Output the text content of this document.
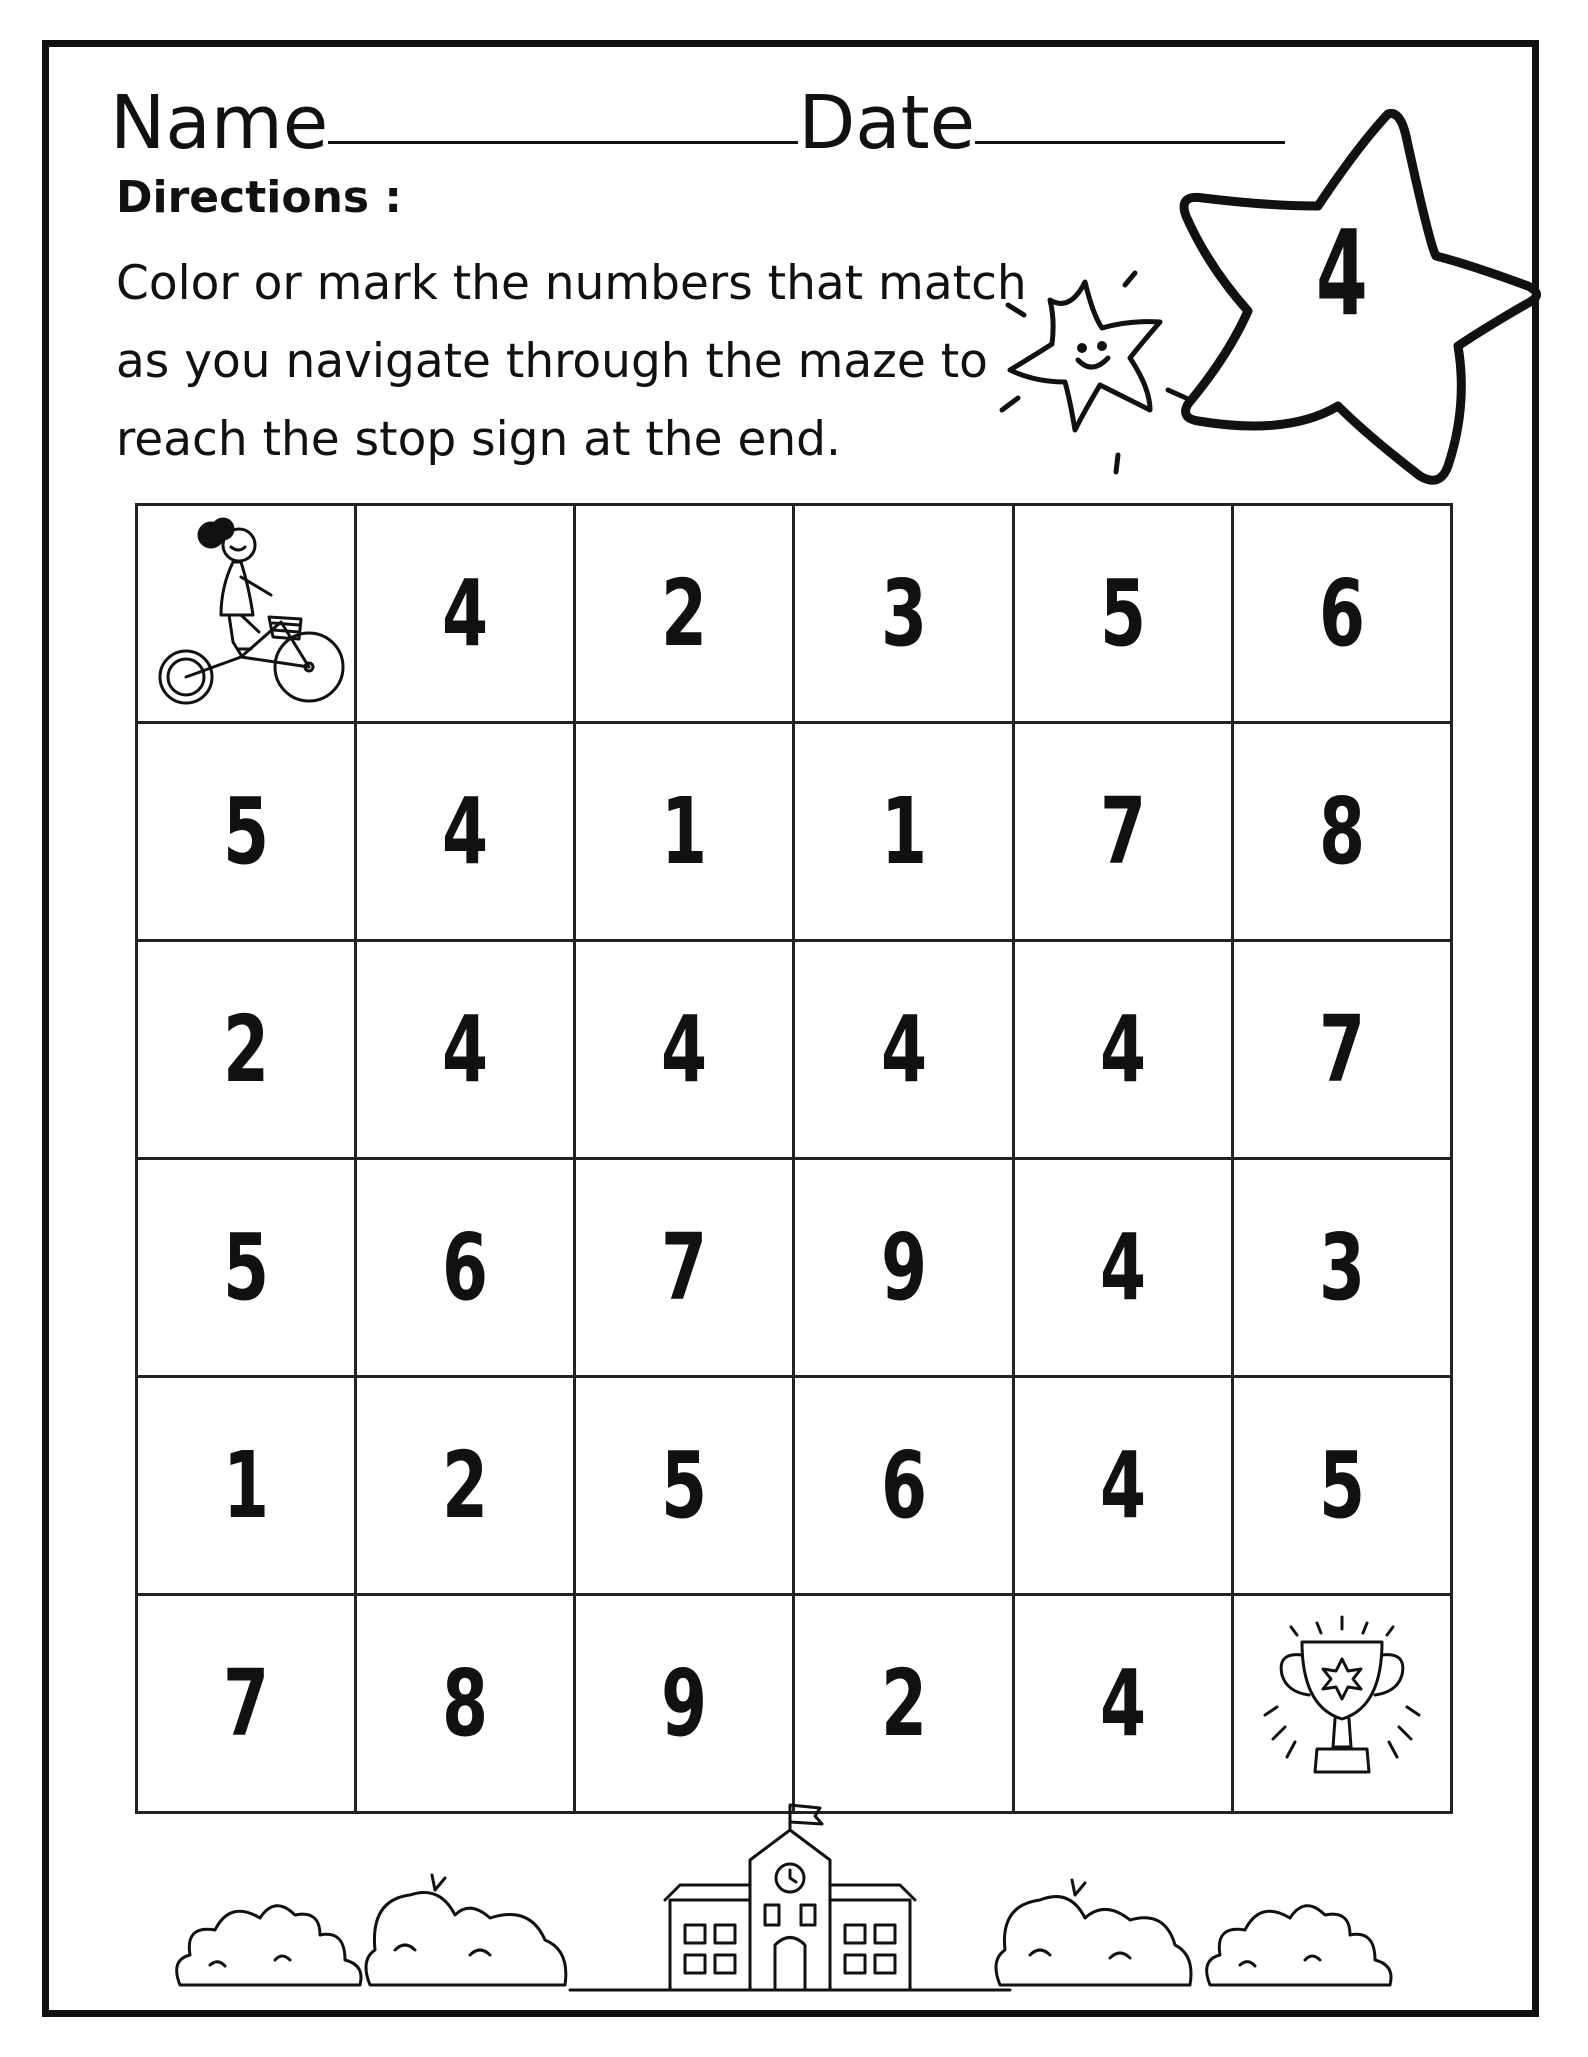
Name	Date
Directions :
Color or mark the numbers that match
as you navigate through the maze to
reach the stop sign at the end.
4
	4	2	3	5	6
5	4	1	1	7	8
2	4	4	4	4	7
5	6	7	9	4	3
1	2	5	6	4	5
7	8	9	2	4	
